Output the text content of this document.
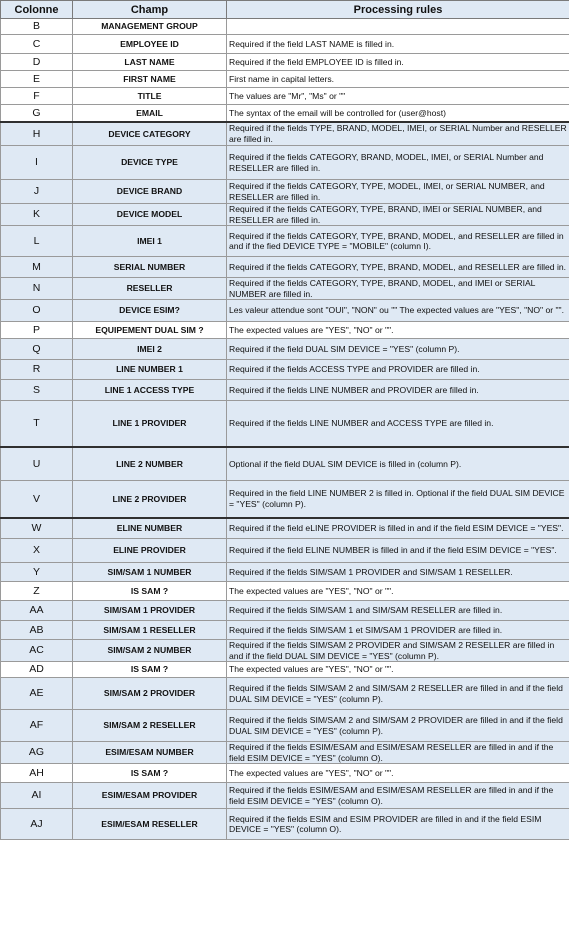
Colonne	Champ	Processing rules
B	MANAGEMENT GROUP	
C	EMPLOYEE ID	Required if the field LAST NAME is filled in.
D	LAST NAME	Required if the field EMPLOYEE ID is filled in.
E	FIRST NAME	First name in capital letters.
F	TITLE	The values are "Mr", "Ms" or ""
G	EMAIL	The syntax of the email will be controlled for (user@host)
H	DEVICE CATEGORY	Required if the fields TYPE, BRAND, MODEL, IMEI, or SERIAL Number and RESELLER are filled in.
I	DEVICE TYPE	Required if the fields CATEGORY, BRAND, MODEL, IMEI, or SERIAL Number and RESELLER are filled in.
J	DEVICE BRAND	Required if the fields CATEGORY, TYPE, MODEL, IMEI, or SERIAL NUMBER, and RESELLER are filled in.
K	DEVICE MODEL	Required if the fields CATEGORY, TYPE, BRAND, IMEI or SERIAL NUMBER, and RESELLER are filled in.
L	IMEI 1	Required if the fields CATEGORY, TYPE, BRAND, MODEL, and RESELLER are filled in and if the fied DEVICE TYPE = "MOBILE" (column I).
M	SERIAL NUMBER	Required if the fields CATEGORY, TYPE, BRAND, MODEL, and RESELLER are filled in.
N	RESELLER	Required if the fields CATEGORY, TYPE, BRAND, MODEL, and IMEI or SERIAL NUMBER are filled in.
O	DEVICE ESIM?	Les valeur attendue sont "OUI", "NON" ou "" The expected values are "YES", "NO" or "".
P	EQUIPEMENT DUAL SIM ?	The expected values are "YES", "NO" or "".
Q	IMEI 2	Required if the field DUAL SIM DEVICE = "YES" (column P).
R	LINE NUMBER 1	Required if the fields ACCESS TYPE and PROVIDER are filled in.
S	LINE 1 ACCESS TYPE	Required if the fields LINE NUMBER and PROVIDER are filled in.
T	LINE 1 PROVIDER	Required if the fields LINE NUMBER and ACCESS TYPE are filled in.
U	LINE 2 NUMBER	Optional if the field DUAL SIM DEVICE is filled in (column P).
V	LINE 2 PROVIDER	Required in the field LINE NUMBER 2 is filled in. Optional if the field DUAL SIM DEVICE = "YES" (column P).
W	ELINE NUMBER	Required if the field eLINE PROVIDER is filled in and if the field ESIM DEVICE = "YES".
X	ELINE PROVIDER	Required if the field ELINE NUMBER is filled in and if the field ESIM DEVICE = "YES".
Y	SIM/SAM 1 NUMBER	Required if the fields SIM/SAM 1 PROVIDER and SIM/SAM 1 RESELLER.
Z	IS SAM ?	The expected values are "YES", "NO" or "".
AA	SIM/SAM 1 PROVIDER	Required if the fields SIM/SAM 1 and SIM/SAM RESELLER are filled in.
AB	SIM/SAM 1 RESELLER	Required if the fields SIM/SAM 1 et SIM/SAM 1 PROVIDER are filled in.
AC	SIM/SAM 2 NUMBER	Required if the fields SIM/SAM 2 PROVIDER and SIM/SAM 2 RESELLER are filled in and if the field DUAL SIM DEVICE = "YES" (column P).
AD	IS SAM ?	The expected values are "YES", "NO" or "".
AE	SIM/SAM 2 PROVIDER	Required if the fields SIM/SAM 2 and SIM/SAM 2 RESELLER are filled in and if the field DUAL SIM DEVICE = "YES" (column P).
AF	SIM/SAM 2 RESELLER	Required if the fields SIM/SAM 2 and SIM/SAM 2 PROVIDER are filled in and if the field DUAL SIM DEVICE = "YES" (column P).
AG	ESIM/ESAM NUMBER	Required if the fields ESIM/ESAM and ESIM/ESAM RESELLER are filled in and if the field ESIM DEVICE = "YES" (column O).
AH	IS SAM ?	The expected values are "YES", "NO" or "".
AI	ESIM/ESAM PROVIDER	Required if the fields ESIM/ESAM and ESIM/ESAM RESELLER are filled in and if the field ESIM DEVICE = "YES" (column O).
AJ	ESIM/ESAM RESELLER	Required if the fields ESIM and ESIM PROVIDER are filled in and if the field ESIM DEVICE = "YES" (column O).
